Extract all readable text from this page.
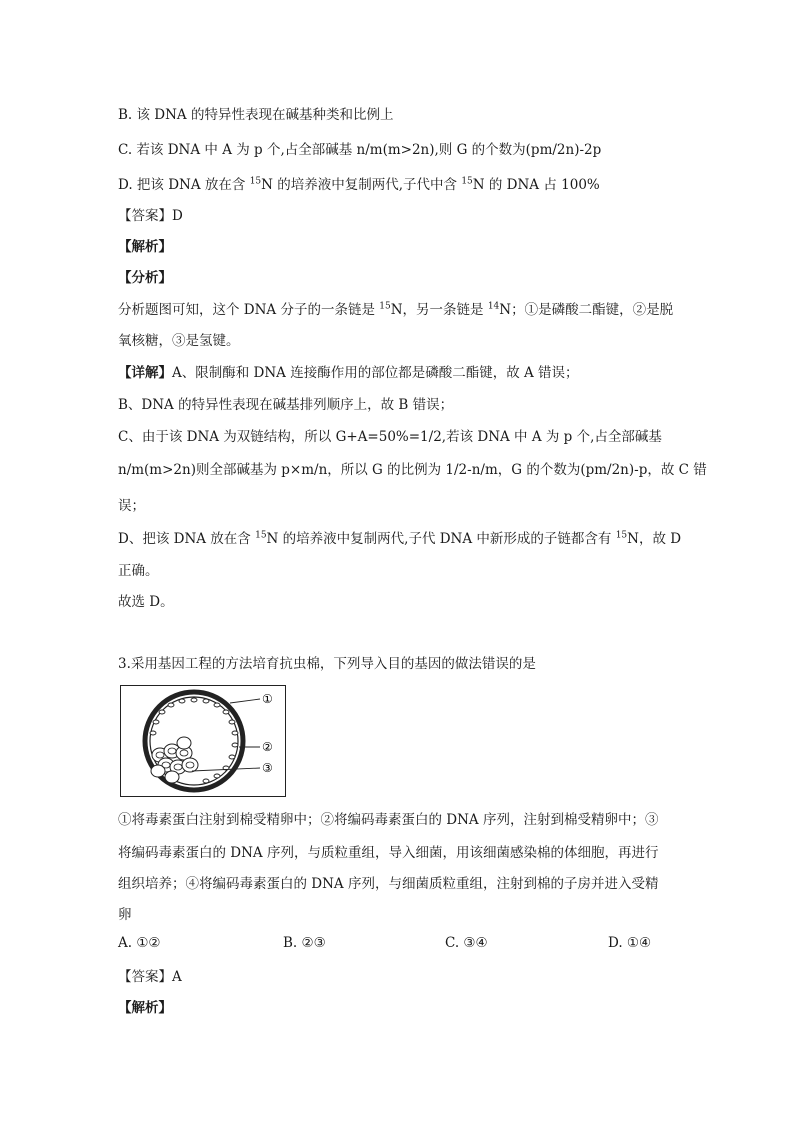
B. 该 DNA 的特异性表现在碱基种类和比例上
C. 若该 DNA 中 A 为 p 个,占全部碱基 n/m(m>2n),则 G 的个数为(pm/2n)-2p
D. 把该 DNA 放在含 $^{15}$N 的培养液中复制两代,子代中含 $^{15}$N 的 DNA 占 100%
【答案】D
【解析】
【分析】
分析题图可知，这个 DNA 分子的一条链是 $^{15}$N，另一条链是 $^{14}$N；①是磷酸二酯键，②是脱
氧核糖，③是氢键。
【详解】A、限制酶和 DNA 连接酶作用的部位都是磷酸二酯键，故 A 错误；
B、DNA 的特异性表现在碱基排列顺序上，故 B 错误；
C、由于该 DNA 为双链结构，所以 G+A=50%=1/2,若该 DNA 中 A 为 p 个,占全部碱基
n/m(m>2n)则全部碱基为 p×m/n，所以 G 的比例为 1/2-n/m，G 的个数为(pm/2n)-p，故 C 错
误；
D、把该 DNA 放在含 $^{15}$N 的培养液中复制两代,子代 DNA 中新形成的子链都含有 $^{15}$N，故 D
正确。
故选 D。
3.采用基因工程的方法培育抗虫棉，下列导入目的基因的做法错误的是
①
②
③
①将毒素蛋白注射到棉受精卵中；②将编码毒素蛋白的 DNA 序列，注射到棉受精卵中；③
将编码毒素蛋白的 DNA 序列，与质粒重组，导入细菌，用该细菌感染棉的体细胞，再进行
组织培养；④将编码毒素蛋白的 DNA 序列，与细菌质粒重组，注射到棉的子房并进入受精
卵
A. ①②	B. ②③	C. ③④	D. ①④
【答案】A
【解析】
